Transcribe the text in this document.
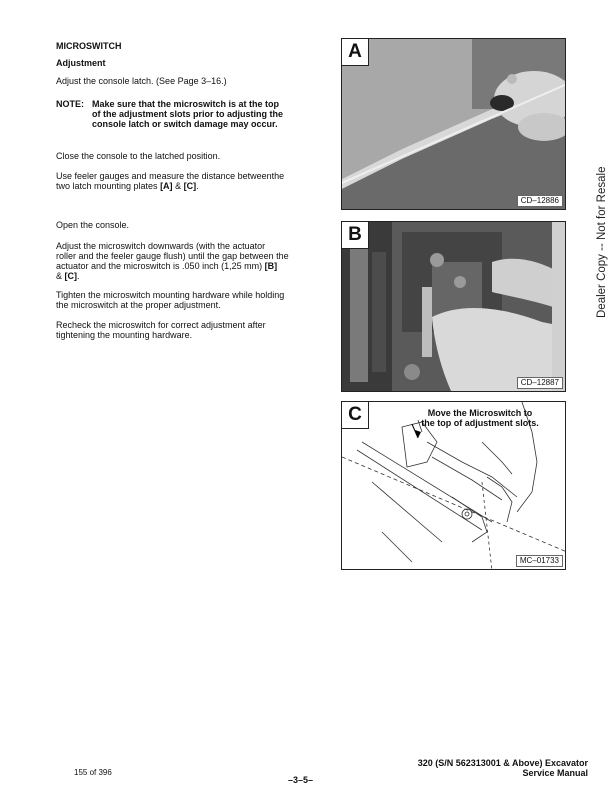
MICROSWITCH
Adjustment
Adjust the console latch. (See Page 3–16.)
NOTE: Make sure that the microswitch is at the top
of the adjustment slots prior to adjusting the
console latch or switch damage may occur.
Close the console to the latched position.
Use feeler gauges and measure the distance betweenthe
two latch mounting plates [A] & [C].
Open the console.
Adjust the microswitch downwards (with the actuator
roller and the feeler gauge flush) until the gap between the
actuator and the microswitch is .050 inch (1,25 mm) [B]
& [C].
Tighten the microswitch mounting hardware while holding
the microswitch at the proper adjustment.
Recheck the microswitch for correct adjustment after
tightening the mounting hardware.
A
CD–12886
B
CD–12887
C	Move the Microswitch to
the top of adjustment slots.
MC–01733
Dealer Copy -- Not for Resale
155 of 396
–3–5–
320 (S/N 562313001 & Above) Excavator
Service Manual
